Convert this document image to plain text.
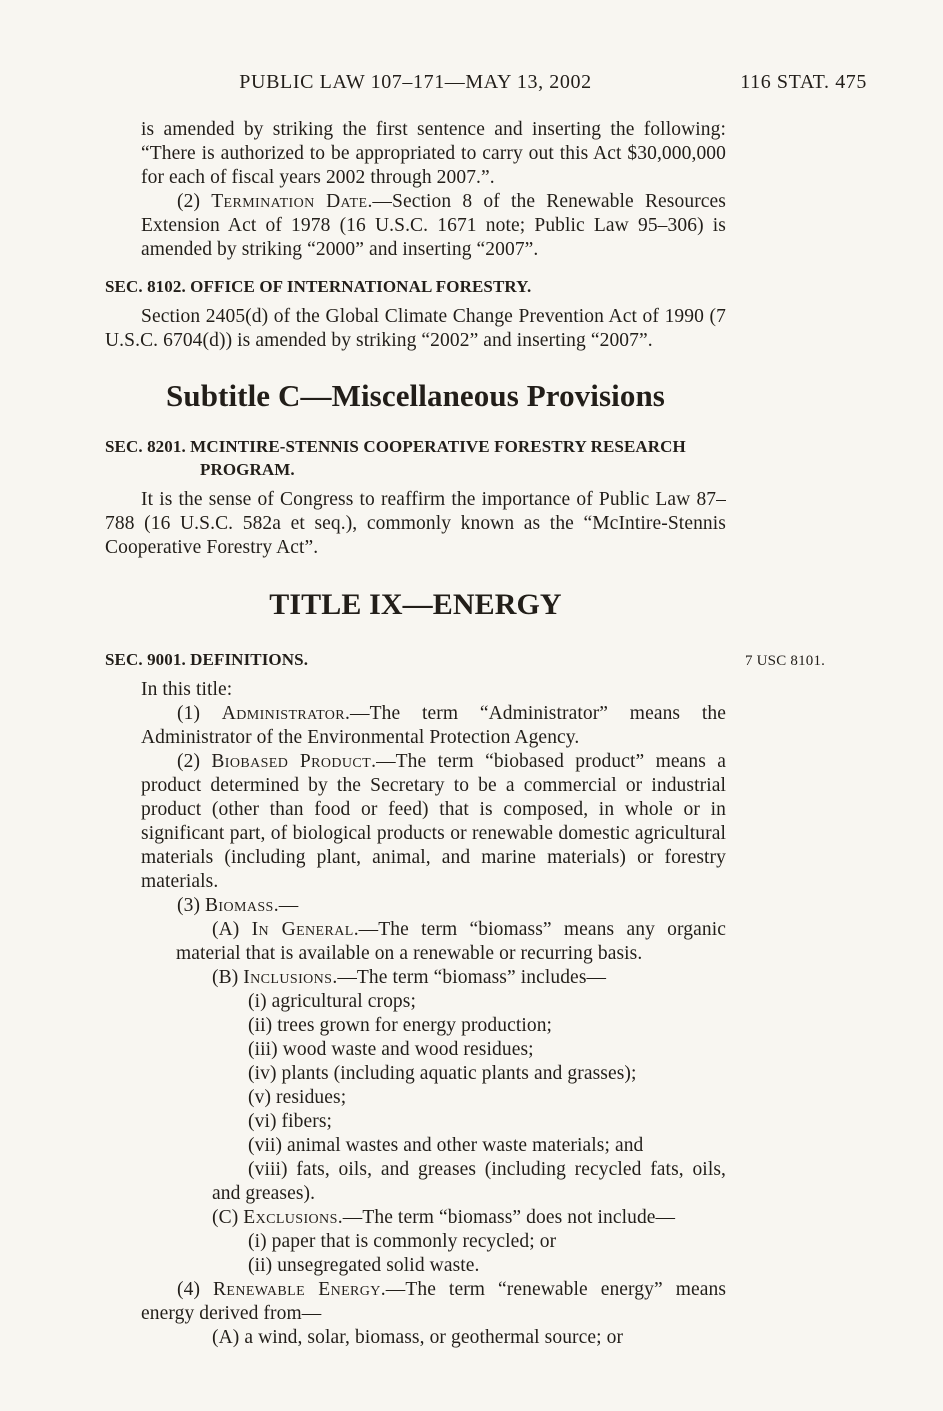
PUBLIC LAW 107–171—MAY 13, 2002	116 STAT. 475

is amended by striking the first sentence and inserting the following: “There is authorized to be appropriated to carry out this Act $30,000,000 for each of fiscal years 2002 through 2007.”.

(2) Termination Date.—Section 8 of the Renewable Resources Extension Act of 1978 (16 U.S.C. 1671 note; Public Law 95–306) is amended by striking “2000” and inserting “2007”.

SEC. 8102. OFFICE OF INTERNATIONAL FORESTRY.

Section 2405(d) of the Global Climate Change Prevention Act of 1990 (7 U.S.C. 6704(d)) is amended by striking “2002” and inserting “2007”.

Subtitle C—Miscellaneous Provisions
SEC. 8201. MCINTIRE-STENNIS COOPERATIVE FORESTRY RESEARCH
PROGRAM.

It is the sense of Congress to reaffirm the importance of Public Law 87–788 (16 U.S.C. 582a et seq.), commonly known as the “McIntire-Stennis Cooperative Forestry Act”.

TITLE IX—ENERGY
SEC. 9001. DEFINITIONS.	7 USC 8101.

In this title:

(1) Administrator.—The term “Administrator” means the Administrator of the Environmental Protection Agency.

(2) Biobased Product.—The term “biobased product” means a product determined by the Secretary to be a commercial or industrial product (other than food or feed) that is composed, in whole or in significant part, of biological products or renewable domestic agricultural materials (including plant, animal, and marine materials) or forestry materials.

(3) Biomass.—

(A) In General.—The term “biomass” means any organic material that is available on a renewable or recurring basis.

(B) Inclusions.—The term “biomass” includes—

(i) agricultural crops;

(ii) trees grown for energy production;

(iii) wood waste and wood residues;

(iv) plants (including aquatic plants and grasses);

(v) residues;

(vi) fibers;

(vii) animal wastes and other waste materials; and

(viii) fats, oils, and greases (including recycled fats, oils, and greases).

(C) Exclusions.—The term “biomass” does not include—

(i) paper that is commonly recycled; or

(ii) unsegregated solid waste.

(4) Renewable Energy.—The term “renewable energy” means energy derived from—

(A) a wind, solar, biomass, or geothermal source; or
